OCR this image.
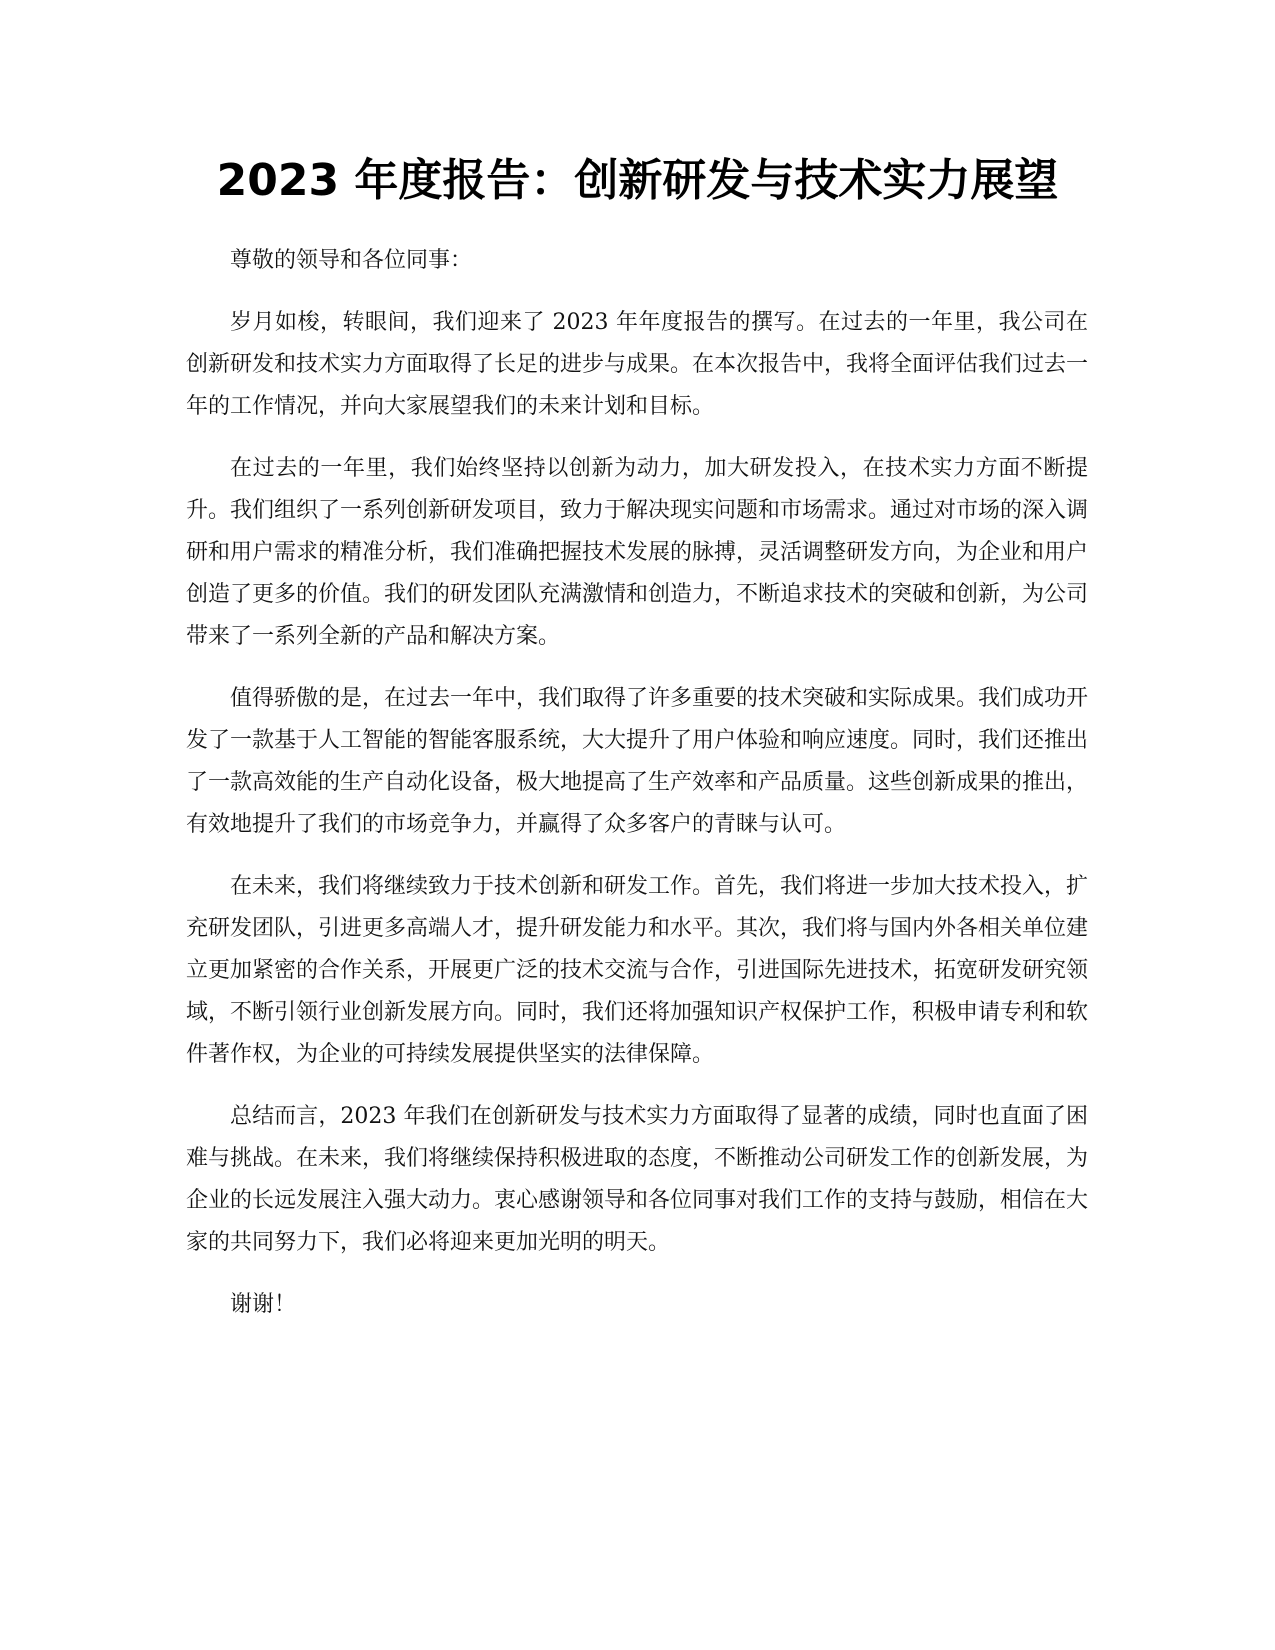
2023 年度报告：创新研发与技术实力展望

尊敬的领导和各位同事：

岁月如梭，转眼间，我们迎来了 2023 年年度报告的撰写。在过去的一年里，我公司在创新研发和技术实力方面取得了长足的进步与成果。在本次报告中，我将全面评估我们过去一年的工作情况，并向大家展望我们的未来计划和目标。

在过去的一年里，我们始终坚持以创新为动力，加大研发投入，在技术实力方面不断提升。我们组织了一系列创新研发项目，致力于解决现实问题和市场需求。通过对市场的深入调研和用户需求的精准分析，我们准确把握技术发展的脉搏，灵活调整研发方向，为企业和用户创造了更多的价值。我们的研发团队充满激情和创造力，不断追求技术的突破和创新，为公司带来了一系列全新的产品和解决方案。

值得骄傲的是，在过去一年中，我们取得了许多重要的技术突破和实际成果。我们成功开发了一款基于人工智能的智能客服系统，大大提升了用户体验和响应速度。同时，我们还推出了一款高效能的生产自动化设备，极大地提高了生产效率和产品质量。这些创新成果的推出，有效地提升了我们的市场竞争力，并赢得了众多客户的青睐与认可。

在未来，我们将继续致力于技术创新和研发工作。首先，我们将进一步加大技术投入，扩充研发团队，引进更多高端人才，提升研发能力和水平。其次，我们将与国内外各相关单位建立更加紧密的合作关系，开展更广泛的技术交流与合作，引进国际先进技术，拓宽研发研究领域，不断引领行业创新发展方向。同时，我们还将加强知识产权保护工作，积极申请专利和软件著作权，为企业的可持续发展提供坚实的法律保障。

总结而言，2023 年我们在创新研发与技术实力方面取得了显著的成绩，同时也直面了困难与挑战。在未来，我们将继续保持积极进取的态度，不断推动公司研发工作的创新发展，为企业的长远发展注入强大动力。衷心感谢领导和各位同事对我们工作的支持与鼓励，相信在大家的共同努力下，我们必将迎来更加光明的明天。

谢谢！
